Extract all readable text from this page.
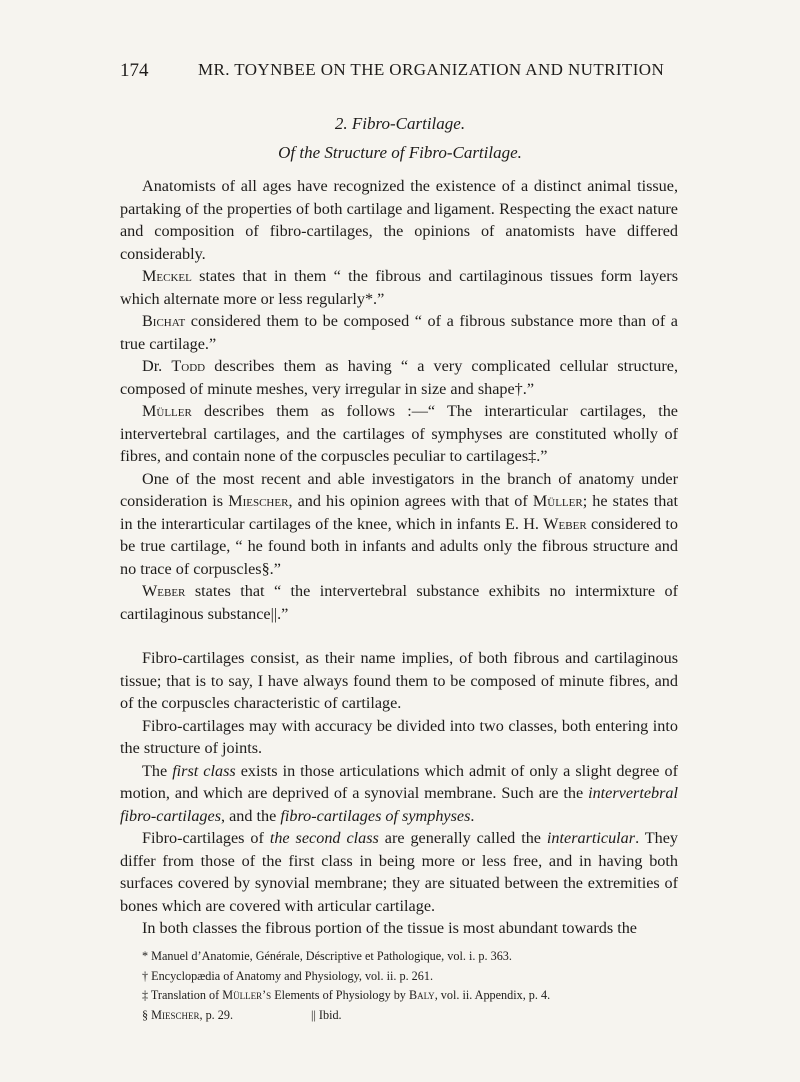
174	MR. TOYNBEE ON THE ORGANIZATION AND NUTRITION
2. Fibro-Cartilage.
Of the Structure of Fibro-Cartilage.

Anatomists of all ages have recognized the existence of a distinct animal tissue, partaking of the properties of both cartilage and ligament. Respecting the exact nature and composition of fibro-cartilages, the opinions of anatomists have differed considerably.

Meckel states that in them “ the fibrous and cartilaginous tissues form layers which alternate more or less regularly*.”

Bichat considered them to be composed “ of a fibrous substance more than of a true cartilage.”

Dr. Todd describes them as having “ a very complicated cellular structure, composed of minute meshes, very irregular in size and shape†.”

Müller describes them as follows :—“ The interarticular cartilages, the intervertebral cartilages, and the cartilages of symphyses are constituted wholly of fibres, and contain none of the corpuscles peculiar to cartilages‡.”

One of the most recent and able investigators in the branch of anatomy under consideration is Miescher, and his opinion agrees with that of Müller; he states that in the interarticular cartilages of the knee, which in infants E. H. Weber considered to be true cartilage, “ he found both in infants and adults only the fibrous structure and no trace of corpuscles§.”

Weber states that “ the intervertebral substance exhibits no intermixture of cartilaginous substance||.”

Fibro-cartilages consist, as their name implies, of both fibrous and cartilaginous tissue; that is to say, I have always found them to be composed of minute fibres, and of the corpuscles characteristic of cartilage.

Fibro-cartilages may with accuracy be divided into two classes, both entering into the structure of joints.

The first class exists in those articulations which admit of only a slight degree of motion, and which are deprived of a synovial membrane. Such are the intervertebral fibro-cartilages, and the fibro-cartilages of symphyses.

Fibro-cartilages of the second class are generally called the interarticular. They differ from those of the first class in being more or less free, and in having both surfaces covered by synovial membrane; they are situated between the extremities of bones which are covered with articular cartilage.

In both classes the fibrous portion of the tissue is most abundant towards the

* Manuel d’Anatomie, Générale, Déscriptive et Pathologique, vol. i. p. 363.
† Encyclopædia of Anatomy and Physiology, vol. ii. p. 261.
‡ Translation of Müller’s Elements of Physiology by Baly, vol. ii. Appendix, p. 4.
§ Miescher, p. 29.	|| Ibid.
